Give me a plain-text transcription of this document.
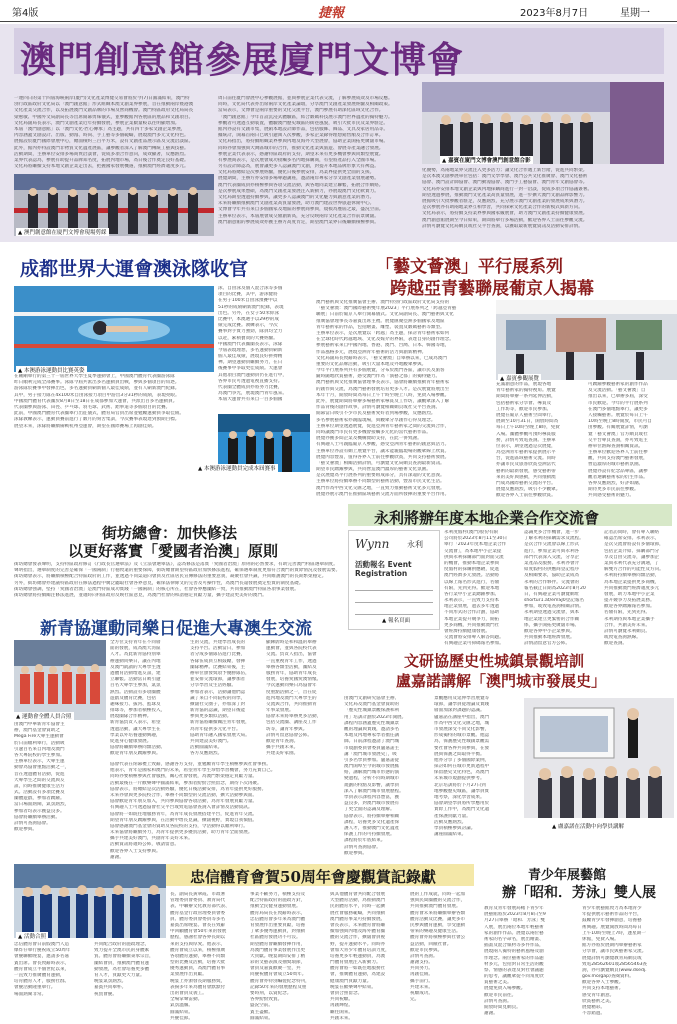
第4版	捷報	2023年8月7日	星期一
澳門創意館參展廈門文博會
一連四日的第十四屆海峽兩岸(廈門)文化產業博覽交易會將於今(7)日圓滿結束，澳門特
別行政區政府文化局以「澳門創意館」形式組織本澳文創業界參展，旨在推動兩岸暨港澳
文化產業交流合作，以及拓展澳門文創品牌的市場及營商機會。澳門特區政府文化局局長
梁惠敏、中國外文局副局長等出席開幕剪綵儀式，並參觀館內各展區的展品和文創項目。
文化局副局長表示，澳門文創產業近年持續發展，參展企業數量較以往明顯增加。
本屆「澳門創意館」以「澳門文化·匠心傳承」為主題，共有四十多家文創企業參展，
內容涵蓋文創設計、出版、動漫、時尚、手工藝等多個範疇，展現澳門多元文化特色。
展館設於廈門國際會展中心，總面積約三百平方米，設有文創產品展示區及交流洽談區。
此外，館內亦特設澳門非物質文化遺產展區，讓參觀者深入了解澳門傳統工藝與技藝。
活動期間，主辦單位安排多場商貿洽談會，促成多項合作意向，成效顯著，反應熱烈。
業界代表認為，參展有助提升品牌知名度，拓展內地市場，為日後合作奠定良好基礎。
文化局將繼續支持本地文創企業走出去，把握國家發展機遇，推動澳門經濟適度多元。
▲ 澳門創意館在廈門文博會現場剪綵
周日前往廈門會展中心參觀展館，並與參展企業代表交流，了解參展成效及市場反應。
同時，文化局代表亦出席兩岸文化產業論壇，分享澳門文創產業發展經驗及相關政策。
當局表示，文博會是兩岸重要的文化交流平台，澳門參展有助深化區域文化合作。
「澳門創意館」今年首設沉浸式體驗區，結合數碼科技展示澳門世界遺產的獨特魅力。
參觀者可透過互動裝置，體驗澳門歷史城區的街巷風貌，吸引大批市民及業界駐足。
館內亦設有文創市集，展銷本地設計師作品，包括服飾、飾品、文具及家居用品等。
據統計，開幕首兩日已吸引逾萬人次參觀，多家企業錄得理想銷售額及合作訂單。
文化局指出，將持續組織業界參與內地及海外大型展會，協助企業開拓更廣闊市場。
同時亦會加強與大灣區城市的合作，推動文化產業與旅遊、會展等產業融合發展。
參展企業代表表示，感謝特區政府的支持，期望未來有更多機會參與同類型展覽。
有參展商表示，是次展會成功接觸多名內地採購商，有望將產品打入全國市場。
另有設計師認為，展會讓更多人認識澳門文創，對提升本地品牌形象大有裨益。
文化局將總結是次參展經驗，優化日後參展安排，為業界提供更全面的支援。
展覽期間，主辦方亦安排多場專題講座，邀請兩岸專家分享文創產業發展趨勢。
澳門代表團成員亦積極參與各項交流活動，與各地同業建立聯繫，拓展合作網絡。
是次參展成果豐碩，為澳門文創產業發展注入新動力，亦展現澳門文化軟實力。
文化局期望透過持續參與，讓更多人認識澳門的文化魅力與創意產業的潛力。
未來將繼續推動澳門文創產業高質量發展，助力澳門建設世界旅遊休閒中心。
文博會今年共有來自多個國家及地區的參展商參與，規模為歷屆之最，盛況空前。
主辦單位表示，本屆展會成交額創新高，充分反映兩岸文化產業合作前景廣闊。
澳門創意館的參展成效亦獲主辦方高度肯定，期望澳門業界日後繼續積極參與。
▲ 嘉賓在廈門文博會澳門創意館合影
化優勢，為兩地業界交流注入更多活力；讓文化合作邁上新台階，促進共同繁榮。
是次本澳文創參展單位包括：澳門文學學會、澳門公共文化推廣會、澳門文化藝術
協會、澳門設計師協會、澳門動漫協會、澳門手工藝協會、澳門青年文創協會等。
文化局亦安排本地文創企業與內地採購商進行一對一洽談，促成多項合作協議簽署。
期望透過參展，推動澳門文化產業高質量發展，進一步擴大澳門文創品牌影響力。
展館吸引大批參觀者駐足，反應熱烈，充分展示澳門文創產業的發展成果與潛力。
是次參展亦有助兩地業界互相學習，共同探索文化產業合作的新模式與新方向。
文化局表示，將持續支持業界參與國家級展會，助力澳門文創產業持續健康發展。
澳門創意館展期至今日結束，期間將舉行多場活動，歡迎各界人士前往參觀交流。
詳情可瀏覽文化局網頁或社交平台查詢，以獲取最新展覽資訊及活動安排詳情。
成都世界大運會澳泳隊收官
▲ 本澳游泳運動員比賽英姿
泳、自由泳及個人混合泳等多個
項目的比賽，其中，游泳健將
在男子100米自由泳預賽中以
51秒的成績刷新澳門紀錄，表現
出色。另外，在女子50米仰泳
比賽中，本澳選手以29秒的成
績完成比賽。教練表示，今次
賽事對手實力強勁，隊員均全力
以赴，累積寶貴的大賽經驗。
中國澳門代表團團長表示，泳隊
今屆表現理想，多名運動員刷新
個人最佳成績，展現良好拼搏精
神。期望運動員繼續努力，在日
後賽事中爭取更佳成績。大運會
其他項目澳門運動員仍在進行中，
各界市民可透過電視直播支持。
代表團全體成員亦將努力比賽，
為澳門爭光，展現澳門青年風采。
本屆大運會共有來自一百多個國
在剛剛舉行的第三十一屆世界大學生夏季運動會上，中國澳門體育代表團游泳隊
昨日順利完成全部賽事。泳隊今屆共派出多名運動員出戰，參與多個項目的角逐。
游泳隊於賽事中發揮出色，多名運動員刷新個人最佳成績，並有人刷新澳門紀錄。
其中，男子接力隊在4x100米自由泳接力項目中游出3分31秒的成績，表現亮眼。
中國澳門體育代表團於8月8日至18日在成都參加大運會，共派出百多名運動員。
代表團參與游泳、田徑、乒乓球、羽毛球、武術、跆拳道等多個項目的比賽。
此前，中國澳門體育代表團舉行出征儀式，體育局官員出席並勉勵運動員爭取佳績。
泳隊教練表示，運動員賽前進行了數月的刻苦集訓，今次賽事表現達到預期目標。
展望未來，泳隊將繼續備戰杭州亞運會，期望在國際賽場上再創佳績。
▲ 本澳游泳運動員完成本屆賽事
「藝文薈澳」平行展系列
跨越亞青藝聯展葡京人揭幕
澳門藝術與文化推廣協會主辦、澳門特別行政區政府文化局支持的
「藝文薈澳：澳門國際藝術雙年展2023」平行展系列之「跨越亞青藝
聯展」日前於葡京人舉行開幕儀式。文化局副局長、澳門藝術與文化
推廣協會理事長等嘉賓出席主禮。展覽匯聚亞洲多個國家及地區
青年藝術家的作品，包括繪畫、雕塑、裝置及數碼藝術等類型。
主辦單位表示，是次展覽以「跨越」為主題，探討青年藝術家如何
在全球化時代跨越地域、文化及媒介的界限，表達自身的創作理念。
參展藝術家來自中國內地、香港、澳門、台灣、日本、韓國等地，
作品風格多元，展現亞洲青年藝術的活力與創新精神。
文化局副局長致辭時表示，「藝文薈澳」自舉辦以來，已成為澳門
重要的文化品牌活動，吸引大量本地及外地觀眾參與。
今年平行展系列共有多個展覽，分布於澳門各區，讓市民及旅客
隨時隨地欣賞藝術，感受澳門作為「演藝之都」的獨特魅力。
澳門藝術與文化推廣協會理事長表示，協會將繼續推動青年藝術家
的創作與交流，為澳門藝術發展培育更多人才。是次展覽將展出至
本年十月，開放時間為每日上午十時至晚上八時，免費入場參觀。
此外，展覽期間將舉辦多場藝術家導賞及工作坊，讓觀眾深入了解
作品背後的創作故事，詳情可瀏覽相關網頁或社交平台查詢。
開幕當日吸引不少市民及藝術愛好者到場參觀，反應熱烈。
多名參展藝術家亦親臨現場，與觀眾分享創作心得及理念。
主辦單位期望透過展覽，促進亞洲青年藝術家之間的交流與合作，
同時讓澳門市民有更多機會接觸多元化的當代藝術作品。
展覽亦獲多間企業及機構贊助支持，在此一併致謝。
有興趣人士可親臨葡京人參觀，感受亞洲青年藝術的創意與活力。
主辦單位亦設有網上展覽平台，讓未能親臨現場的觀眾線上欣賞。
展覽內容豐富，值得各界人士前往參觀欣賞，共同支持藝術發展。
「藝文薈澳」相關活動詳情，可瀏覽文化局網頁查詢最新資訊。
期望市民踴躍參與，共同營造澳門濃厚的藝術文化氛圍。
是次展覽為平行展系列的重要組成部分，具有深遠的文化意義。
主辦單位將持續舉辦不同類型的藝術活動，豐富市民文化生活。
澳門作為中西文化交匯之地，一直致力推動藝術文化多元發展。
展覽亦展示澳門在推動區域藝術交流方面所發揮的重要平台作用。
▲ 嘉賓參觀展覽
充滿創意的作品，展現各地
青年藝術家的獨特視角。展覽
期間將舉辦一系列延伸活動，
包括藝術家分享會、導賞及
工作坊等，歡迎市民參加。
展覽在葡京人藝術空間舉行，
展期至10月31日，開放時間為
每日上午10時至晚上8時，免費
入場。團體參觀可預約導賞服
務，詳情可致電查詢。主辦單
位表示，期望透過是次展覽，
為亞洲青年藝術家提供展示平
台，促進區域藝術交流。同時
亦讓市民及旅客欣賞亞洲當代
藝術的最新發展，感受藝術帶
來的美好與感動，共同推動澳
門成為國際藝術交流的平台。
展覽反應熱烈，吸引不少觀眾。
歡迎各界人士前往參觀欣賞。
可踴躍參觀藝術家的創作作品
及交流活動。「藝文薈澳」自
推出以來，已舉辦多屆，深受
市民歡迎。今年的平行展系列
在澳門多個地點舉行，讓更多
人接觸藝術。展覽於每日上午
10時至晚上8時開放，市民可自
由參觀。有關展覽詳情，可瀏
覽「藝文薈澳」官方網頁或社
交平台專頁查詢，亦可致電主
辦單位熱線查詢相關資訊。
主辦單位歡迎各界人士前往參
觀，共同支持澳門藝術發展，
營造濃厚的城市藝術氛圍。
展覽亦設有紀念品專區，讓參
觀者選購藝術家的衍生作品。
各界反應熱烈，好評如潮。
期待更多市民前往參觀。
共同感受藝術的魅力。
街坊總會：加快修法
以更好落實「愛國者治澳」原則
街坊總會發表聲明，支持特區政府修訂《行政長官選舉法》及《立法會選舉法》，認為修法是落實「愛國者治澳」原則的必然要求，有助完善澳門特區選舉制度。
聲明指出，選舉制度的完善是確保「一國兩制」行穩致遠的重要保障，街坊總會期望特區政府加快修法進程，確保選舉制度更加符合澳門的實際情況及發展需要。
街坊總會表示，將繼續積極配合特區政府的工作，並透過不同渠道向會員及社區居民宣傳修法的重要意義，凝聚社會共識，共同維護澳門的長期繁榮穩定。
另外，街坊總會亦建議特區政府在修法過程中廣泛聽取社會各界意見，確保法律條文的完善及可操作性，為澳門長遠發展奠定堅實的制度基礎。
街坊總會強調，堅持「愛國者治澳」是澳門特區成功實踐「一國兩制」的核心所在，社會各界應團結一致，共同推動澳門特區各項事業發展。
街坊總會將持續關注修法進展，並適時向特區政府反映社區意見，為澳門社會的和諧穩定貢獻力量，攜手建設更美好的澳門。
永利將辦年度本地企業合作交流會
Wynn 永利
活動報名 Event
Registration
▲ 報名頁面
永利度假村(澳門)股份有限
公司將於2023年8月11至30日
舉行「2023年度本地企業合作
交流會」，為本地中小企業提
供與永利採購部門面對面交流
的機會，推動本地企業參與
度假村的採購供應鏈，促進
澳門經濟多元發展。活動將
以線上報名形式進行，名額
有限，先到先得。歡迎本地
各行業中小企業踴躍參加。
永利表示，一直致力支持本
地企業發展，過去多年透過
不同形式的合作計劃，協助
本地企業提升競爭力，開拓
更多商機，共同推動澳門社
會經濟持續健康發展。
交流會將安排專人解答問題。
有興趣企業可掃碼報名參加。
認識更多合作機會，進一步
了解永利的採購需求及流程。
是次合作交流會以線上形式
進行，參加企業可與永利各
部門代表深入交流，分享企
業產品及服務。永利亦會介
紹度假村的供應商登記程序
及相關要求，協助企業成為
永利的合作夥伴。交流會的
報名截止日期為2023年8月20
日，有興趣企業可瀏覽網址
shortur1.at/emSJ0登記報名
參加，或致電查詢相關詳情。
永利期望透過交流會，與本
地企業建立更緊密的合作關
係，攜手開拓更廣闊市場。
歡迎各界中小企業參與。
共同推動本地經濟發展。
詳情請留意官方公佈。
記者訪問時，會有專人聯絡
確認出席安排。永利表示，
是次交流會將設有多個環節，
包括企業介紹、採購部門分
享及自由交流等，讓參加企
業與永利代表充分溝通，了
解雙方合作的可能性及方向。
永利將持續舉辦同類活動，
為本地企業提供更多商機，
共同推動澳門經濟適度多元
發展，助力本地中小企業
提升競爭力及拓展業務。
歡迎各界踴躍報名參加。
名額有限，先到先得。
永利期待與本地企業攜手
合作，共創美好未來。
詳情可瀏覽永利網頁。
或致電查詢熱線。
歡迎查詢。
新青協運動同樂日促進大專澳生交流
▲ 運動會全體人員合照
全方位支持青年在不同層
面的發展，成為澳大湾區
人才。為此新青協特別舉
辦運動同樂日，讓在內地
及澳門就讀的大專學生透
過體育活動增進友誼，建
立聯繫。活動當日吸引逾
百名大專學生參加，氣氛
熱烈。活動設有多項團體
遊戲及體育比賽，包括
趣味接力、拔河、籃球及
排球等，參加者積極投入，
展現團隊合作精神。
新青協負責人表示，希望
透過活動，讓大專學生在
學業以外培養運動興趣，
促進身心健康發展。
協會將繼續舉辦同類活動。
歡迎青年朋友踴躍參與。
生的交流，共建學習成長的
支持平台。活動當日，參加
者分成多個隊伍進行比賽，
各隊伍成員互相鼓勵，發揮
團隊精神。比賽結束後，主
辦單位頒發獎項予優勝隊伍，
並安排交流環節，讓參加者
分享學習及生活經驗。
參加者表示，活動讓他們認
識了來自不同院校的同學，
擴闊社交圈子，亦加深了對
新青協的認識，期望日後能
參與更多類似活動。
新青協將繼續關注青年發展，
為青年提供多元化平台。
協助青年融入國家發展大局。
共同建設美好澳門。
活動圓滿結束。
各方反應熱烈。
顯陳蔚時是和和溫的舉辦
運動會，並與各院校代表
交流。負責人指出，協會
一直重視青年工作，透過
舉辦各類型活動，團結及
服務青年，協助青年成長
發展，培養愛國愛澳情懷。
今次運動同樂日為協會年
度重點活動之一，旨在促
進內地及澳門大專學生的
交流與合作，共同推動青
年事業發展。
協會未來將舉辦更多活動，
包括交流團、講座及工作
坊等，讓青年參與。
詳情可留意協會公佈。
歡迎青年查詢。
攜手共創未來。
共建美好家園。
由澳門中華新青年協會主
辦，澳門基金會資助之
Mega Fire大專生運動會
於日前順利舉行，活動吸
引逾百名來自內地及澳門
各大專院校的學生參加。
主辦單位表示，大專生運
動會為協會重點活動之一，
旨在透過體育活動，促進
大專學生之間的交流與友
誼，同時推廣健康生活方
式。活動設有多項比賽及
團體遊戲，參加者踴躍。
當日場面熱鬧，氣氛熱烈，
參加者均表示獲益良多。
協會將繼續舉辦活動。
詳情可查詢協會。
歡迎參與。
協會代表在閉幕禮上致辭，感謝各方支持，並勉勵青年學生積極參與社會事務。
他表示，青年是國家和澳門的未來，希望青年學生珍惜學習機會，努力充實自己。
同時亦要積極參與社會服務，關心社會發展，為澳門繁榮穩定貢獻力量。
活動最後在一片歡樂聲中圓滿結束，參加者紛紛合照留念，期待下次再聚。
協會表示，將總結是次活動經驗，優化日後活動安排，為青年提供更好服務。
未來亦會與更多院校合作，舉辦不同類型的交流活動，擴大活動參與面。
協會歡迎青年朋友加入，共同參與協會各項活動，為青年發展貢獻力量。
有興趣人士可透過協會社交平台或致電協會查詢入會詳情及活動資訊。
協會將一如既往地服務青年，為青年成長發展搭建平台，促進青年交流。
期望青年朋友踴躍參與，在活動中增長見識，擴闊視野，實現自我價值。
協會感謝澳門基金會的資助及各院校的支持，令活動得以順利舉行。
未來協會將繼續努力，為青年提供更多優質活動，助力青年全面發展。
攜手共建美好澳門，共創青年美好未來。
活動資訊將適時公佈，敬請留意。
歡迎各界人士支持參與。
謝謝。
文研協歷史性城鎮景觀培訓
盧嘉諾講解「澳門城市發展史」
由澳門文創研究協會主辦、
文化局及澳門基金會資助的
「歷史性城鎮景觀保護和利
用」培訓計劃於2023年開展。
課程內容涵蓋歷史性城鎮景
觀的理論與實踐，邀請多名
本地及內地專家學者擔任講
師。日前課程邀請了澳門城
市規劃委員會委員盧嘉諾主
講「澳門城市發展史」，吸
引多名學員參加。盧嘉諾從
澳門開埠至今的城市發展脈
絡，講解澳門城市形態的演
變過程，分析不同時期城市
規劃的特點及影響，讓學員
深入了解澳門城市發展歷程。
學員表示課程內容豐富，獲
益良多，對澳門城市發展有
了更全面的認識及理解。
協會表示，將持續舉辦相關
課程，培養更多文化遺產保
護人才，推動澳門文化遺產
保護工作的可持續發展。
課程將於年底結束。
詳情可查詢協會。
歡迎參與。
景觀應用及延伸學習展覽等
環節，讓學員從理論及實踐
層面加深對課題的認識。
盧嘉諾在講座中指出，澳門
作為中西文化交匯之地，城
市發展深受不同文化影響，
形成獨特的城市景觀。他認
為，保護歷史性城鎮景觀需
要社會各界共同參與，在發
展與保護之間取得平衡。
他亦分享了多個國際案例，
探討如何在城市更新過程中
保留歷史文化特色，為澳門
未來城市規劃提供參考。
北京培訓將於下月27日到
地參觀歷史城區，讓學員實
地考察，深化學習成果。
協會期望學員將所學應用於
實際工作中，為澳門文化遺
產保護貢獻力量。
活動反應熱烈。
學員積極參與討論。
講座圓滿結束。
▲ 盧嘉諾在活動中向學員講解
忠信體育會賀50周年會慶觀賞記錄獻
▲ 活動合照
忠信體育會日前假澳門人造
爆炸仔舉行慶祝成立50周年
會慶聯歡晚宴，邀請多名嘉
賓出席。會長致辭時表示，
體育會成立半個世紀以來，
一直致力推廣體育運動，
培育體育人才，服務社群。
會慶活動隆重舉行。
場面熱鬧非常。
共同配合政府的施政理念，
致力提升全澳市民的身體素
質。體育會將繼續秉承宗旨，
團結會員，推動澳門體育運
動發展，為社會培養更多體
育人才，貢獻更大力量。
晚宴氣氛熱烈。
嘉賓共同舉杯。
祝賀會慶。
長、副局長黃翠霞、市政署
管理委員會委員、教青局代
表、中聯辦文化教育部代表、
體育基金行政管理委員會委
員、體育委員會委員等多名
嘉賓出席晚宴。會長在致辭
中回顧體育會50年來的發展
歷程，感謝社會各界長期以
來的支持與厚愛。他表示，
體育會成立以來，積極推廣
各項體育運動，舉辦不同類
型的比賽及活動，培養大批
優秀運動員，為澳門體育事
業發展作出貢獻。
晚宴上亦頒發長期服務獎，
表揚多年來為體育會默默付
出的會員及義工。
全場掌聲雷動。
氣氛溫馨。
圓滿結束。
共慶佳節。
事業不斷努力，積極支持及
配合特區政府的施政方針，
推動全民健身運動發展。
體育局局長在致辭時表示，
忠信體育會多年來為澳門體
育發展作出重要貢獻，培養
了眾多優秀運動員，對推動
社區體育發展功不可沒。
期望體育會繼續發揮作用，
為澳門體育事業發展作出更
大貢獻。晚宴期間安排了精
彩的文藝表演及抽獎環節，
會員及嘉賓歡聚一堂，共
同慶祝體育會成立50周年。
體育會亦特別編製紀念特刊，
記錄50年來的發展歷程及重
要時刻，以資紀念。
各界紛紛致賀。
盛況空前。
賓主盡歡。
圓滿結束。
與其他體育會共同配合發展
大型體育活動，為推動澳門
民的體育水平，同時一起擴
展社會服務範疇，共同推動
澳門體育事業可持續發展。
會長表示，未來體育會將繼
續加強與內地及海外體育團
體的交流合作，擴闊會員視
野，提升運動水平。同時亦
會加大青少年體育培訓力度，
培養更多年輕運動員，為澳
門體育發展注入新動力。
體育會將一如既往地服務社
會，推廣體育運動，為建設
健康澳門貢獻力量。
晚宴在歡樂聲中結束。
會員合照留念。
共同祝願。
再創輝煌。
繼往開來。
共創未來。
展的工作成就，同時一起加
強與民間團體的交流合作，
共同推動澳門體育發展。
體育會未來將繼續舉辦各類
體育活動及比賽，讓更多市
民參與體育運動，享受運動
帶來的樂趣及健康生活。
體育會亦將積極參與社會公
益活動，回饋社會。
歡迎市民參與。
詳情可查詢。
謝謝支持。
共同努力。
再創佳績。
攜手前行。
共建未來。
祝願成功。
完。
青少年展藝館
辦「昭和．芳泳」雙人展
教育及青年發展局轄下青少年
展藝館將於2023年8月8日至9
月27日舉辦「昭和．芳泳」雙
人展，展出兩位本地年輕藝術
家的創作作品。展覽以兩位藝
術家的名字命名，展出繪畫、
插畫及混合媒材等多件作品，
展現兩人獨特的藝術風格及創
作理念。兩位藝術家的作品題
材多元，包括對日常生活的觀
察、情感的表達及對社會議題
的思考，讓觀眾從不同角度欣
賞藝術之美。
展覽免費入場參觀。
歡迎市民前往。
詳情可查詢。
開放時間見網頁。
謝謝。
青少年展藝館致力為本地青少
年提供展示藝術作品的平台，
鼓勵青少年發揮創意，培養藝
術興趣。展覽開放時間為每日
上午10時至晚上7時，逢星期一
休館，免費入場。
館方亦將於展期內舉辦藝術家
分享會，讓市民與藝術家交流。
展覽詳情可瀏覽教青局網頁或
致電28562601或28565463查
詢，亦可瀏覽網頁(www.dsedj.
gov.mo/gap)查閱資料。
歡迎各界人士參觀。
共同支持本地藝術。
感受青年創意。
欣賞藝術之美。
展覽精彩。
不容錯過。
